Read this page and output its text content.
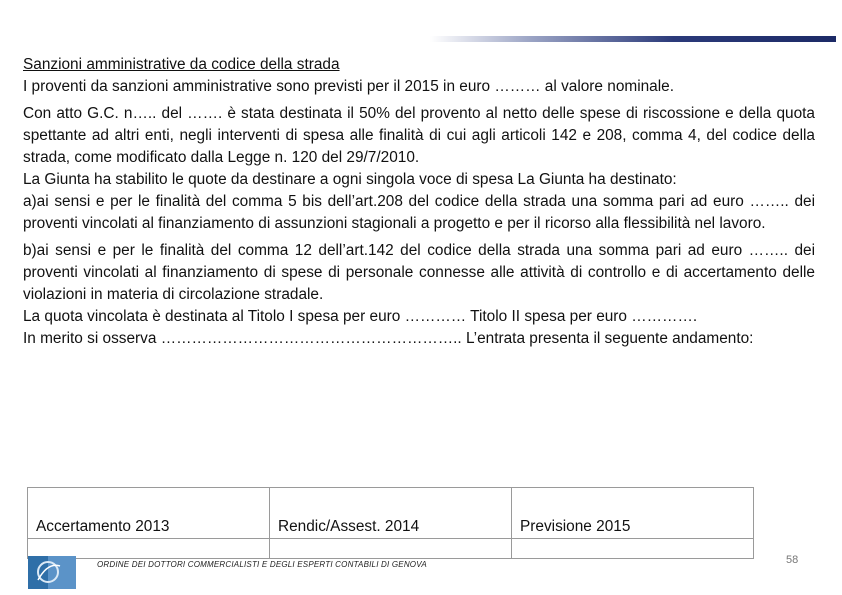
Sanzioni amministrative da codice della strada

I proventi da sanzioni amministrative sono previsti per il 2015 in euro ……… al valore nominale.

Con atto G.C. n….. del ……. è stata destinata il 50% del provento al netto delle spese di riscossione e della quota spettante ad altri enti, negli interventi di spesa alle finalità di cui agli articoli 142 e 208, comma 4, del codice della strada, come modificato dalla Legge n. 120 del 29/7/2010.

La Giunta ha stabilito le quote da destinare a ogni singola voce di spesa La Giunta ha destinato:

a)ai sensi e per le finalità del comma 5 bis dell’art.208 del codice della strada una somma pari ad euro …….. dei proventi vincolati al finanziamento di assunzioni stagionali a progetto e per il ricorso alla flessibilità nel lavoro.

b)ai sensi e per le finalità del comma 12 dell’art.142 del codice della strada una somma pari ad euro …….. dei proventi vincolati al finanziamento di spese di personale connesse alle attività di controllo e di accertamento delle violazioni in materia di circolazione stradale.

La quota vincolata è destinata al Titolo I spesa per euro ………… Titolo II spesa per euro ………….

In merito si osserva ………………………………………………….. L’entrata presenta il seguente andamento:

Accertamento 2013	Rendic/Assest. 2014	Previsione 2015

ORDINE DEI DOTTORI COMMERCIALISTI E DEGLI ESPERTI CONTABILI DI GENOVA	58
